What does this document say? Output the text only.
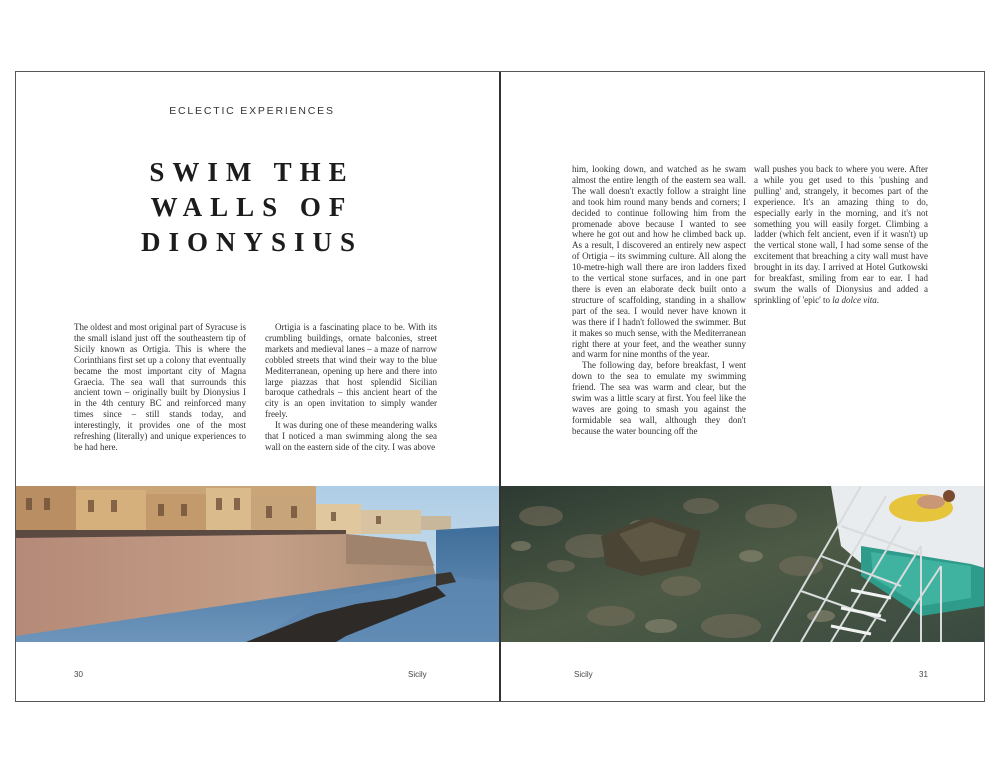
ECLECTIC EXPERIENCES
SWIM THE
WALLS OF
DIONYSIUS

The oldest and most original part of Syracuse is the small island just off the southeastern tip of Sicily known as Ortigia. This is where the Corinthians first set up a colony that eventually became the most important city of Magna Graecia. The sea wall that surrounds this ancient town – originally built by Dionysius I in the 4th century BC and reinforced many times since – still stands today, and interestingly, it provides one of the most refreshing (literally) and unique experiences to be had here.

Ortigia is a fascinating place to be. With its crumbling buildings, ornate balconies, street markets and medieval lanes – a maze of narrow cobbled streets that wind their way to the blue Mediterranean, opening up here and there into large piazzas that host splendid Sicilian baroque cathedrals – this ancient heart of the city is an open invitation to simply wander freely.

It was during one of these meandering walks that I noticed a man swimming along the sea wall on the eastern side of the city. I was above

him, looking down, and watched as he swam almost the entire length of the eastern sea wall. The wall doesn't exactly follow a straight line and took him round many bends and corners; I decided to continue following him from the promenade above because I wanted to see where he got out and how he climbed back up. As a result, I discovered an entirely new aspect of Ortigia – its swimming culture. All along the 10-metre-high wall there are iron ladders fixed to the vertical stone surfaces, and in one part there is even an elaborate deck built onto a structure of scaffolding, standing in a shallow part of the sea. I would never have known it was there if I hadn't followed the swimmer. But it makes so much sense, with the Mediterranean right there at your feet, and the weather sunny and warm for nine months of the year.

The following day, before breakfast, I went down to the sea to emulate my swimming friend. The sea was warm and clear, but the swim was a little scary at first. You feel like the waves are going to smash you against the formidable sea wall, although they don't because the water bouncing off the

wall pushes you back to where you were. After a while you get used to this 'pushing and pulling' and, strangely, it becomes part of the experience. It's an amazing thing to do, especially early in the morning, and it's not something you will easily forget. Climbing a ladder (which felt ancient, even if it wasn't) up the vertical stone wall, I had some sense of the excitement that breaching a city wall must have brought in its day. I arrived at Hotel Gutkowski for breakfast, smiling from ear to ear. I had swum the walls of Dionysius and added a sprinkling of 'epic' to la dolce vita.

30	Sicily	Sicily	31
